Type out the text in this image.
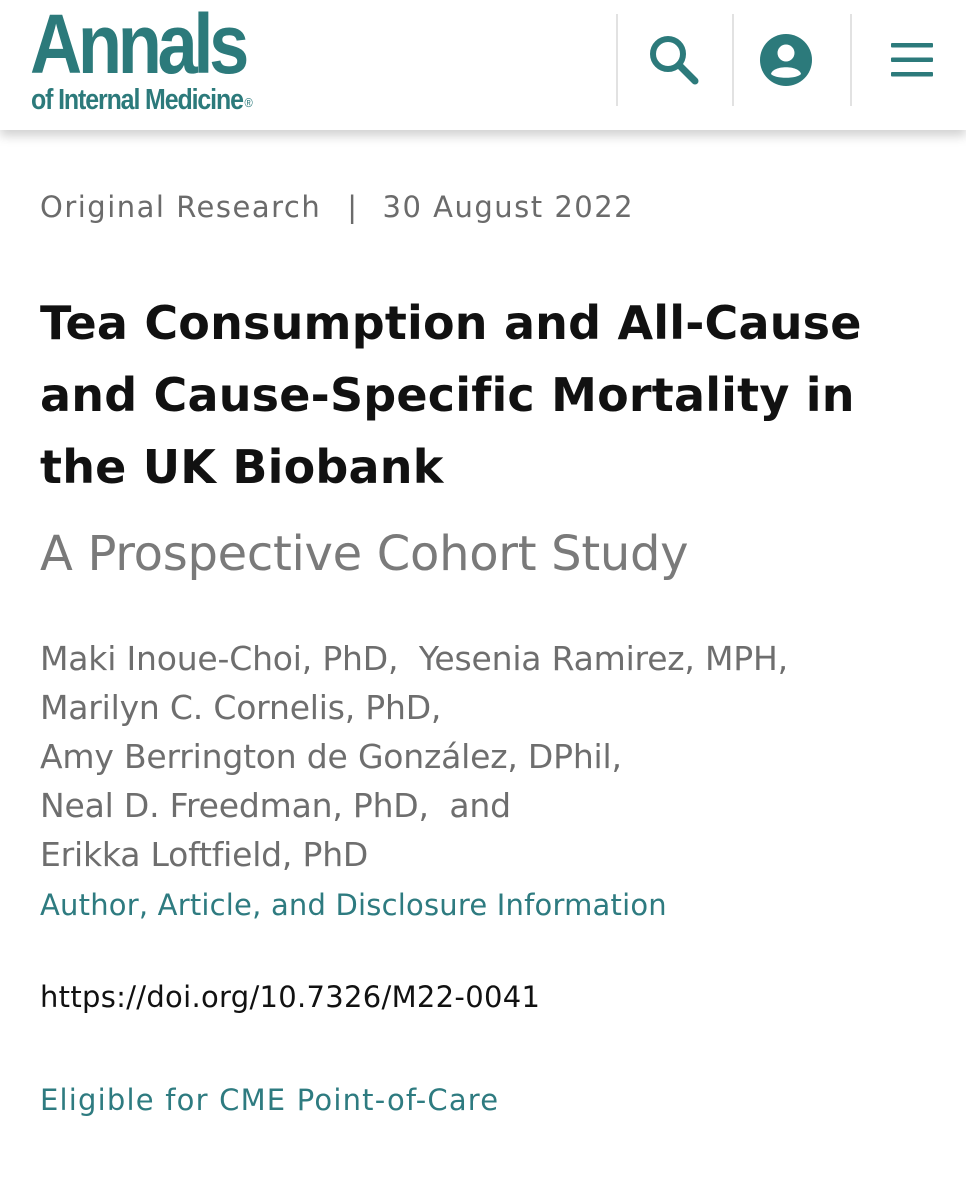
Annals
of Internal Medicine ®
Original Research | 30 August 2022
Tea Consumption and All-Cause and Cause-Specific Mortality in the UK Biobank
A Prospective Cohort Study
Maki Inoue-Choi, PhD, Yesenia Ramirez, MPH,
Marilyn C. Cornelis, PhD,
Amy Berrington de González, DPhil,
Neal D. Freedman, PhD, and
Erikka Loftfield, PhD
Author, Article, and Disclosure Information
https://doi.org/10.7326/M22-0041
Eligible for CME Point-of-Care
